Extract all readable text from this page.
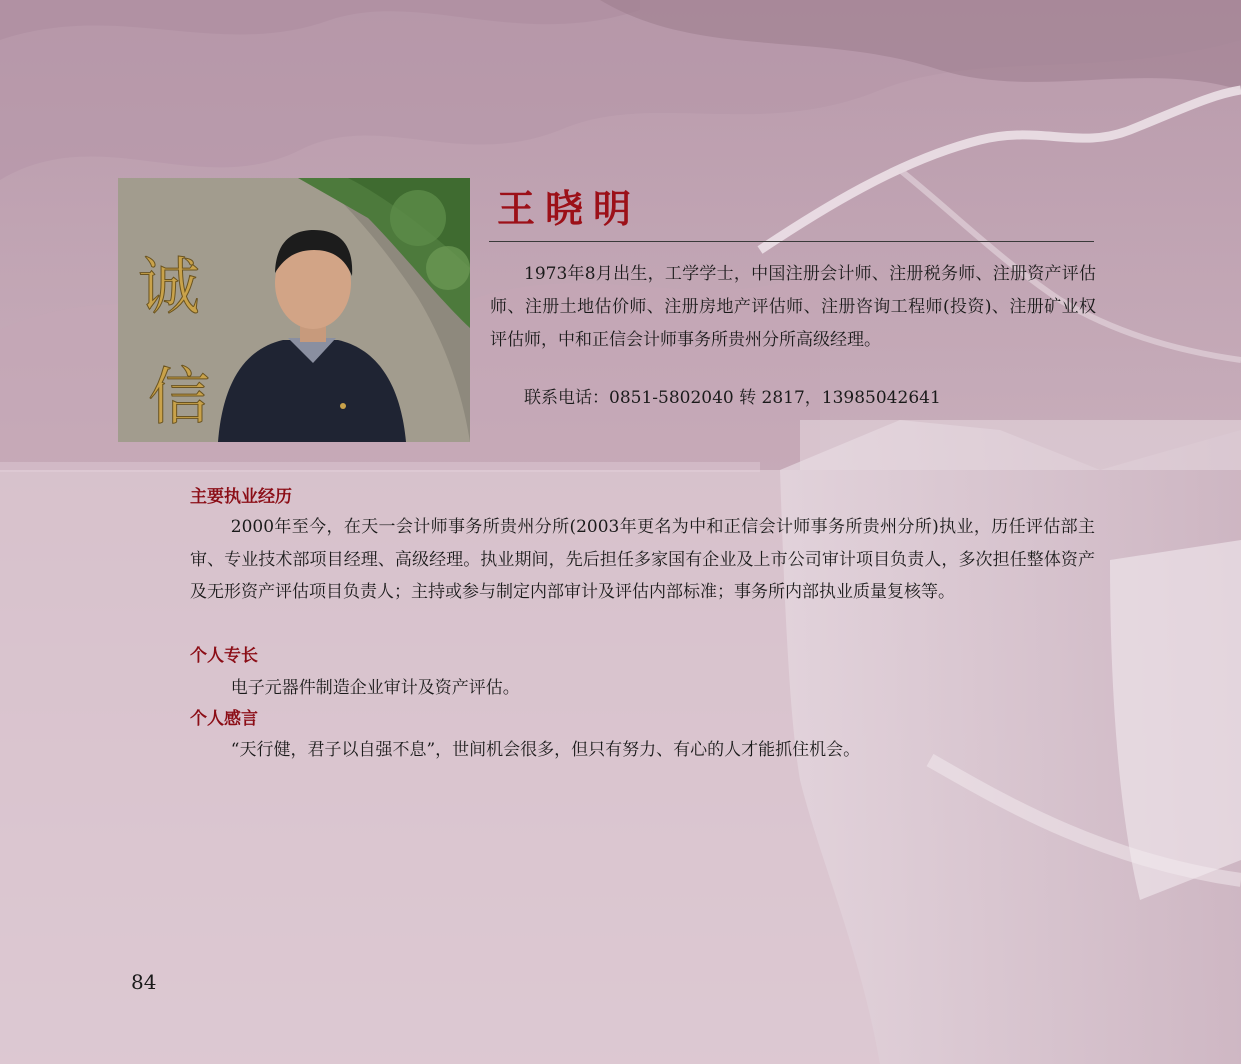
诚
信
王晓明

1973年8月出生，工学学士，中国注册会计师、注册税务师、注册资产评估师、注册土地估价师、注册房地产评估师、注册咨询工程师(投资)、注册矿业权评估师，中和正信会计师事务所贵州分所高级经理。

联系电话：0851-5802040 转 2817，13985042641

主要执业经历

2000年至今，在天一会计师事务所贵州分所(2003年更名为中和正信会计师事务所贵州分所)执业，历任评估部主审、专业技术部项目经理、高级经理。执业期间，先后担任多家国有企业及上市公司审计项目负责人，多次担任整体资产及无形资产评估项目负责人；主持或参与制定内部审计及评估内部标准；事务所内部执业质量复核等。

个人专长

电子元器件制造企业审计及资产评估。

个人感言

“天行健，君子以自强不息”，世间机会很多，但只有努力、有心的人才能抓住机会。

84
